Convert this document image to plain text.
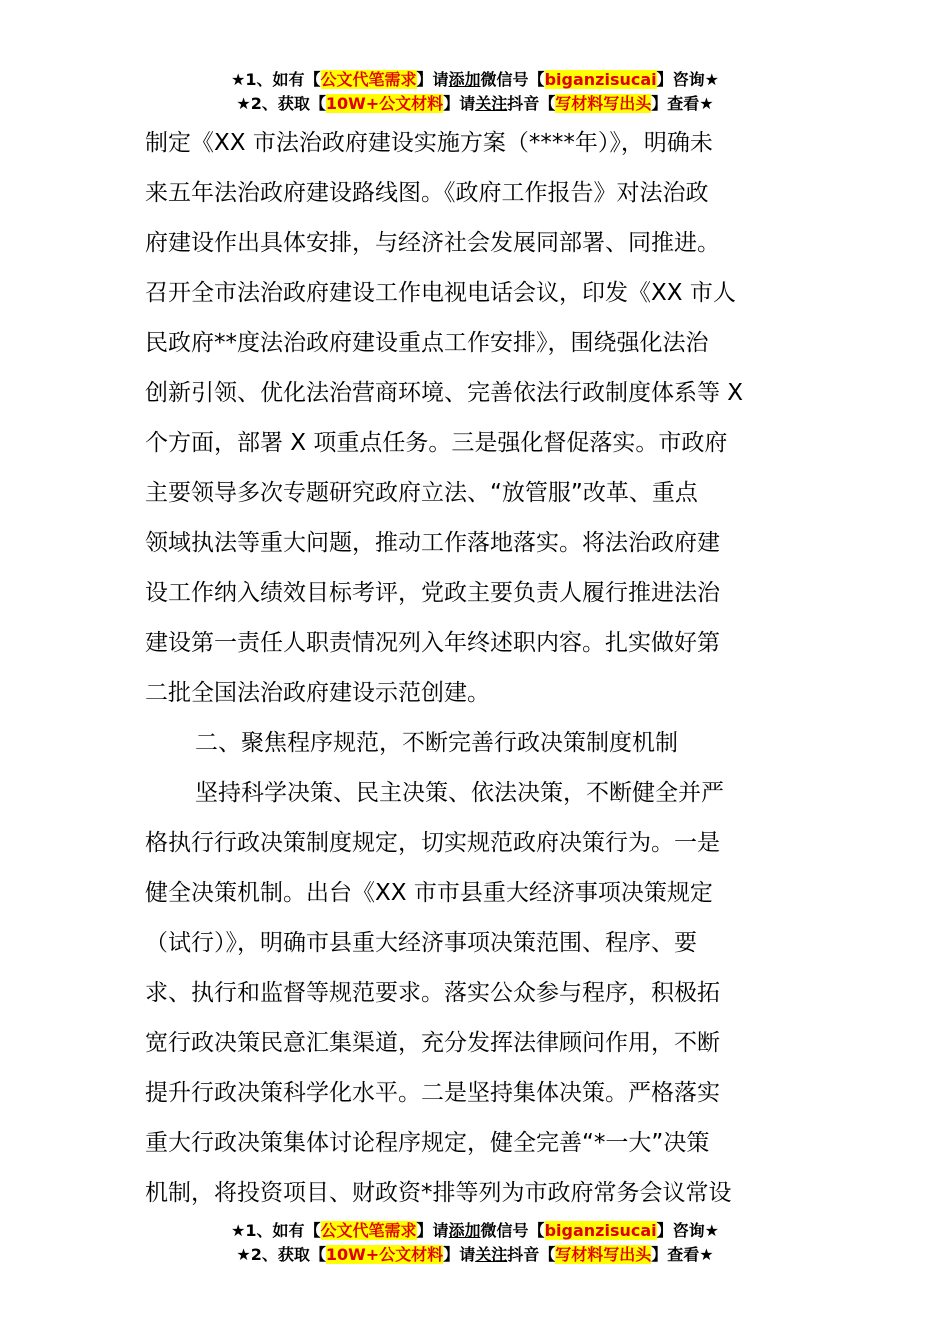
★1、如有【公文代笔需求】请添加微信号【biganzisucai】咨询★
★2、获取【10W+公文材料】请关注抖音【写材料写出头】查看★
制定《XX 市法治政府建设实施方案（****年）》，明确未
来五年法治政府建设路线图。《政府工作报告》对法治政
府建设作出具体安排，与经济社会发展同部署、同推进。
召开全市法治政府建设工作电视电话会议，印发《XX 市人
民政府**度法治政府建设重点工作安排》，围绕强化法治
创新引领、优化法治营商环境、完善依法行政制度体系等 X
个方面，部署 X 项重点任务。三是强化督促落实。市政府
主要领导多次专题研究政府立法、“放管服”改革、重点
领域执法等重大问题，推动工作落地落实。将法治政府建
设工作纳入绩效目标考评，党政主要负责人履行推进法治
建设第一责任人职责情况列入年终述职内容。扎实做好第
二批全国法治政府建设示范创建。
二、聚焦程序规范，不断完善行政决策制度机制
坚持科学决策、民主决策、依法决策，不断健全并严
格执行行政决策制度规定，切实规范政府决策行为。一是
健全决策机制。出台《XX 市市县重大经济事项决策规定
（试行）》，明确市县重大经济事项决策范围、程序、要
求、执行和监督等规范要求。落实公众参与程序，积极拓
宽行政决策民意汇集渠道，充分发挥法律顾问作用，不断
提升行政决策科学化水平。二是坚持集体决策。严格落实
重大行政决策集体讨论程序规定，健全完善“*一大”决策
机制，将投资项目、财政资*排等列为市政府常务会议常设
★1、如有【公文代笔需求】请添加微信号【biganzisucai】咨询★
★2、获取【10W+公文材料】请关注抖音【写材料写出头】查看★
